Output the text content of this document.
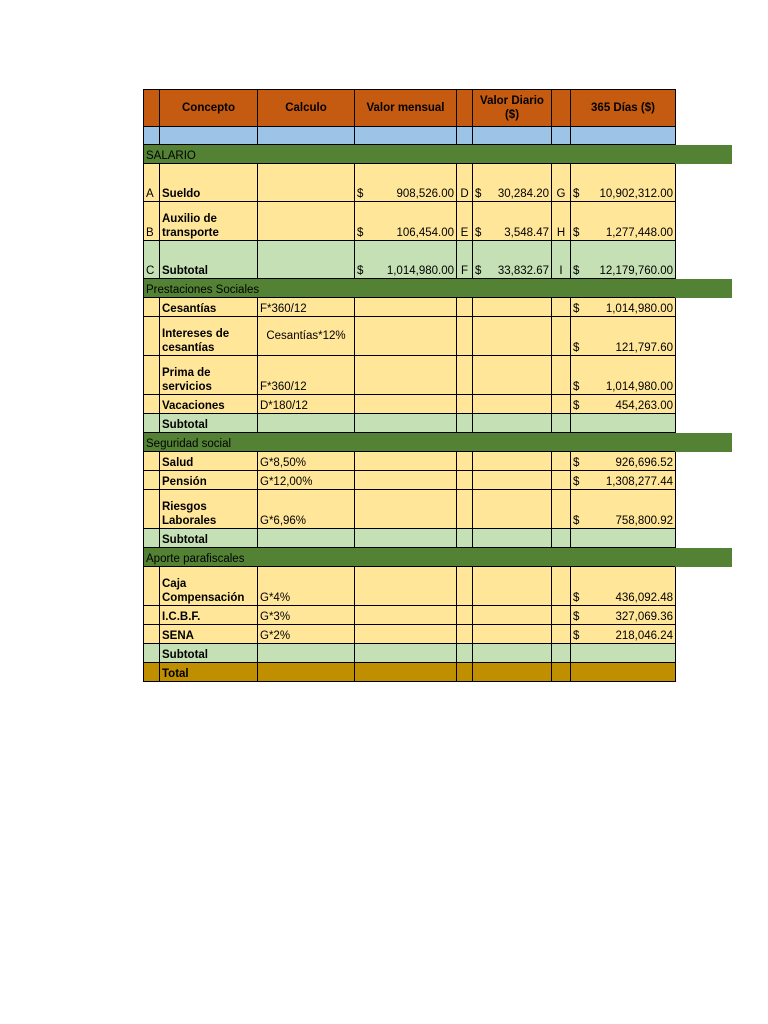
	Concepto	Calculo	Valor mensual		Valor Diario ($)		365 Días ($)

SALARIO							
A	Sueldo		$ 908,526.00	D	$ 30,284.20	G	$ 10,902,312.00

B	Auxilio de transporte		$ 106,454.00	E	$ 3,548.47	H	$ 1,277,448.00

C	Subtotal		$ 1,014,980.00	F	$ 33,832.67	I	$ 12,179,760.00

Prestaciones Sociales							
	Cesantías	F*360/12					$ 1,014,980.00

	Intereses de cesantías	Cesantías*12%					$ 121,797.60

	Prima de servicios	F*360/12					$ 1,014,980.00

	Vacaciones	D*180/12					$ 454,263.00

	Subtotal						
Seguridad social							
	Salud	G*8,50%					$ 926,696.52

	Pensión	G*12,00%					$ 1,308,277.44

	Riesgos Laborales	G*6,96%					$ 758,800.92

	Subtotal						
Aporte parafiscales							
	Caja Compensación	G*4%					$ 436,092.48

	I.C.B.F.	G*3%					$ 327,069.36

	SENA	G*2%					$ 218,046.24

	Subtotal						
	Total						
